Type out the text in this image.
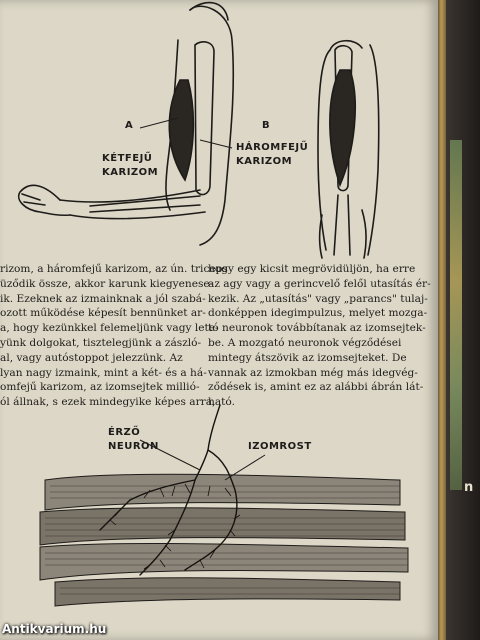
A	B
KÉTFEJŰ
KARIZOM
HÁROMFEJŰ
KARIZOM

rizom, a háromfejű karizom, az ún. triceps

üződik össze, akkor karunk kiegyenese-

ik. Ezeknek az izmainknak a jól szabá-

ozott működése képesít bennünket ar-

a, hogy kezünkkel felemeljünk vagy lete-

yünk dolgokat, tisztelegjünk a zászló-

al, vagy autóstoppot jelezzünk. Az

lyan nagy izmaink, mint a két- és a há-

omfejű karizom, az izomsejtek millió-

ól állnak, s ezek mindegyike képes arra,

hogy egy kicsit megrövidüljön, ha erre

az agy vagy a gerincvelő felől utasítás ér-

kezik. Az „utasítás" vagy „parancs" tulaj-

donképpen idegimpulzus, melyet mozga-

tó neuronok továbbítanak az izomsejtek-

be. A mozgató neuronok végződései

mintegy átszövik az izomsejteket. De

vannak az izmokban még más idegvég-

ződések is, amint ez az alábbi ábrán lát-

ható.

ÉRZŐ
NEURON	IZOMROST
Antikvarium.hu
n
